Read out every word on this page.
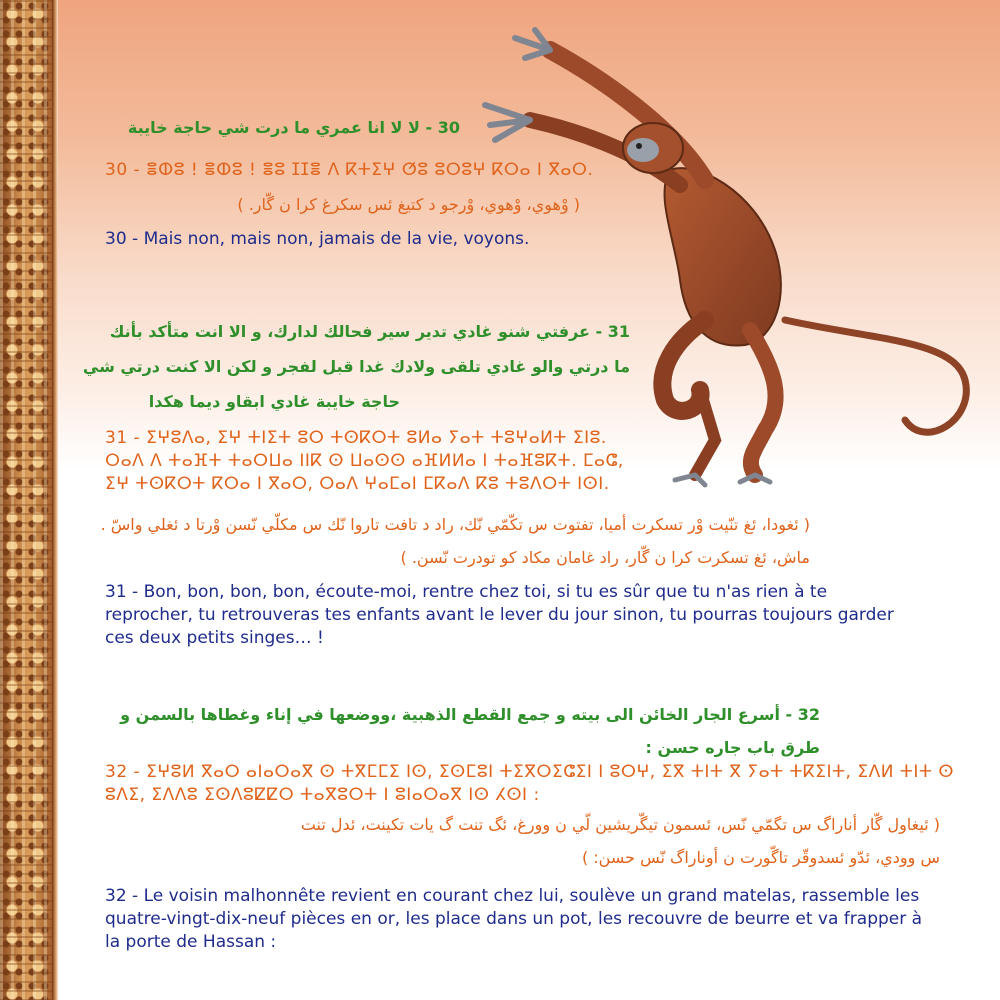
30 - لا لا انا عمري ما درت شي حاجة خايبة
30 - ⴻⵀⵓ ! ⴻⵀⵓ ! ⴻⵓ ⵊⵊⴻ ⴷ ⴽⵜⵉⵖ ⵚⵓ ⵓⵔⵓⵖ ⴽⵔⴰ ⵏ ⴳⴰⵔ.
( وْهوي، وْهوي، وْرجو د كتيغ ئس سكرغ كرا ن گّار. )
30 - Mais non, mais non, jamais de la vie, voyons.
31 - عرفتي شنو غادي تدير سير فحالك لدارك، و الا انت متأكد بأنك
ما درتي والو غادي تلقى ولادك غدا قبل لفجر و لكن الا كنت درتي شي
حاجة خايبة غادي ابقاو ديما هكدا
31 - ⵉⵖⵓⴷⴰ, ⵉⵖ ⵜⵏⵉⵜ ⵓⵔ ⵜⵙⴽⵔⵜ ⵓⵍⴰ ⵢⴰⵜ ⵜⵓⵖⴰⵍⵜ ⵉⵏⵓ.
ⵔⴰⴷ ⴷ ⵜⴰⴼⵜ ⵜⴰⵔⵡⴰ ⵏⵏⴽ ⵙ ⵡⴰⵙⵙ ⴰⴼⵍⵍⴰ ⵏ ⵜⴰⴼⵓⴽⵜ. ⵎⴰⵛ,
ⵉⵖ ⵜⵙⴽⵔⵜ ⴽⵔⴰ ⵏ ⴳⴰⵔ, ⵔⴰⴷ ⵖⴰⵎⴰⵏ ⵎⴽⴰⴷ ⴽⵓ ⵜⵓⴷⵔⵜ ⵏⵙⵏ.
( ئغودا، ئغ تنّيت وْر تسكرت أميا، تفتوت س تكّمّي نّك، راد د تافت تاروا نّك س مكلّي نّسن وْرتا د ئغلي واسّ .
ماش، ئغ تسكرت كرا ن گّار، راد غامان مكاد كو تودرت نّسن. )
31 - Bon, bon, bon, bon, écoute-moi, rentre chez toi, si tu es sûr que tu n'as rien à te reprocher, tu retrouveras tes enfants avant le lever du jour sinon, tu pourras toujours garder ces deux petits singes… !
32 - أسرع الجار الخائن الى بيته و جمع القطع الذهبية ،ووضعها في إناء وغطاها بالسمن و
طرق باب جاره حسن :
32 - ⵉⵖⵓⵍ ⴳⴰⵔ ⴰⵏⴰⵔⴰⴳ ⵙ ⵜⴳⵎⵎⵉ ⵏⵙ, ⵉⵙⵎⵓⵏ ⵜⵉⴳⵔⵉⵛⵉⵏ ⵏ ⵓⵔⵖ, ⵉⴳ ⵜⵏⵜ ⴳ ⵢⴰⵜ ⵜⴽⵉⵏⵜ, ⵉⴷⵍ ⵜⵏⵜ ⵙ
ⵓⴷⵉ, ⵉⴷⴷⵓ ⵉⵙⴷⵓⵇⵇⵔ ⵜⴰⴳⵓⵔⵜ ⵏ ⵓⵏⴰⵔⴰⴳ ⵏⵙ ⵃⵙⵏ :
( ئيغاول گّار أناراگ س تگمّي نّس، ئسمون تيگّريشين لّي ن وورغ، ئگ تنت گ يات تكينت، ئدل تنت
س وودي، ئدّو ئسدوقّر تاگّورت ن أوناراگ نّس حسن: )
32 - Le voisin malhonnête revient en courant chez lui, soulève un grand matelas, rassemble les quatre-vingt-dix-neuf pièces en or, les place dans un pot, les recouvre de beurre et va frapper à la porte de Hassan :
